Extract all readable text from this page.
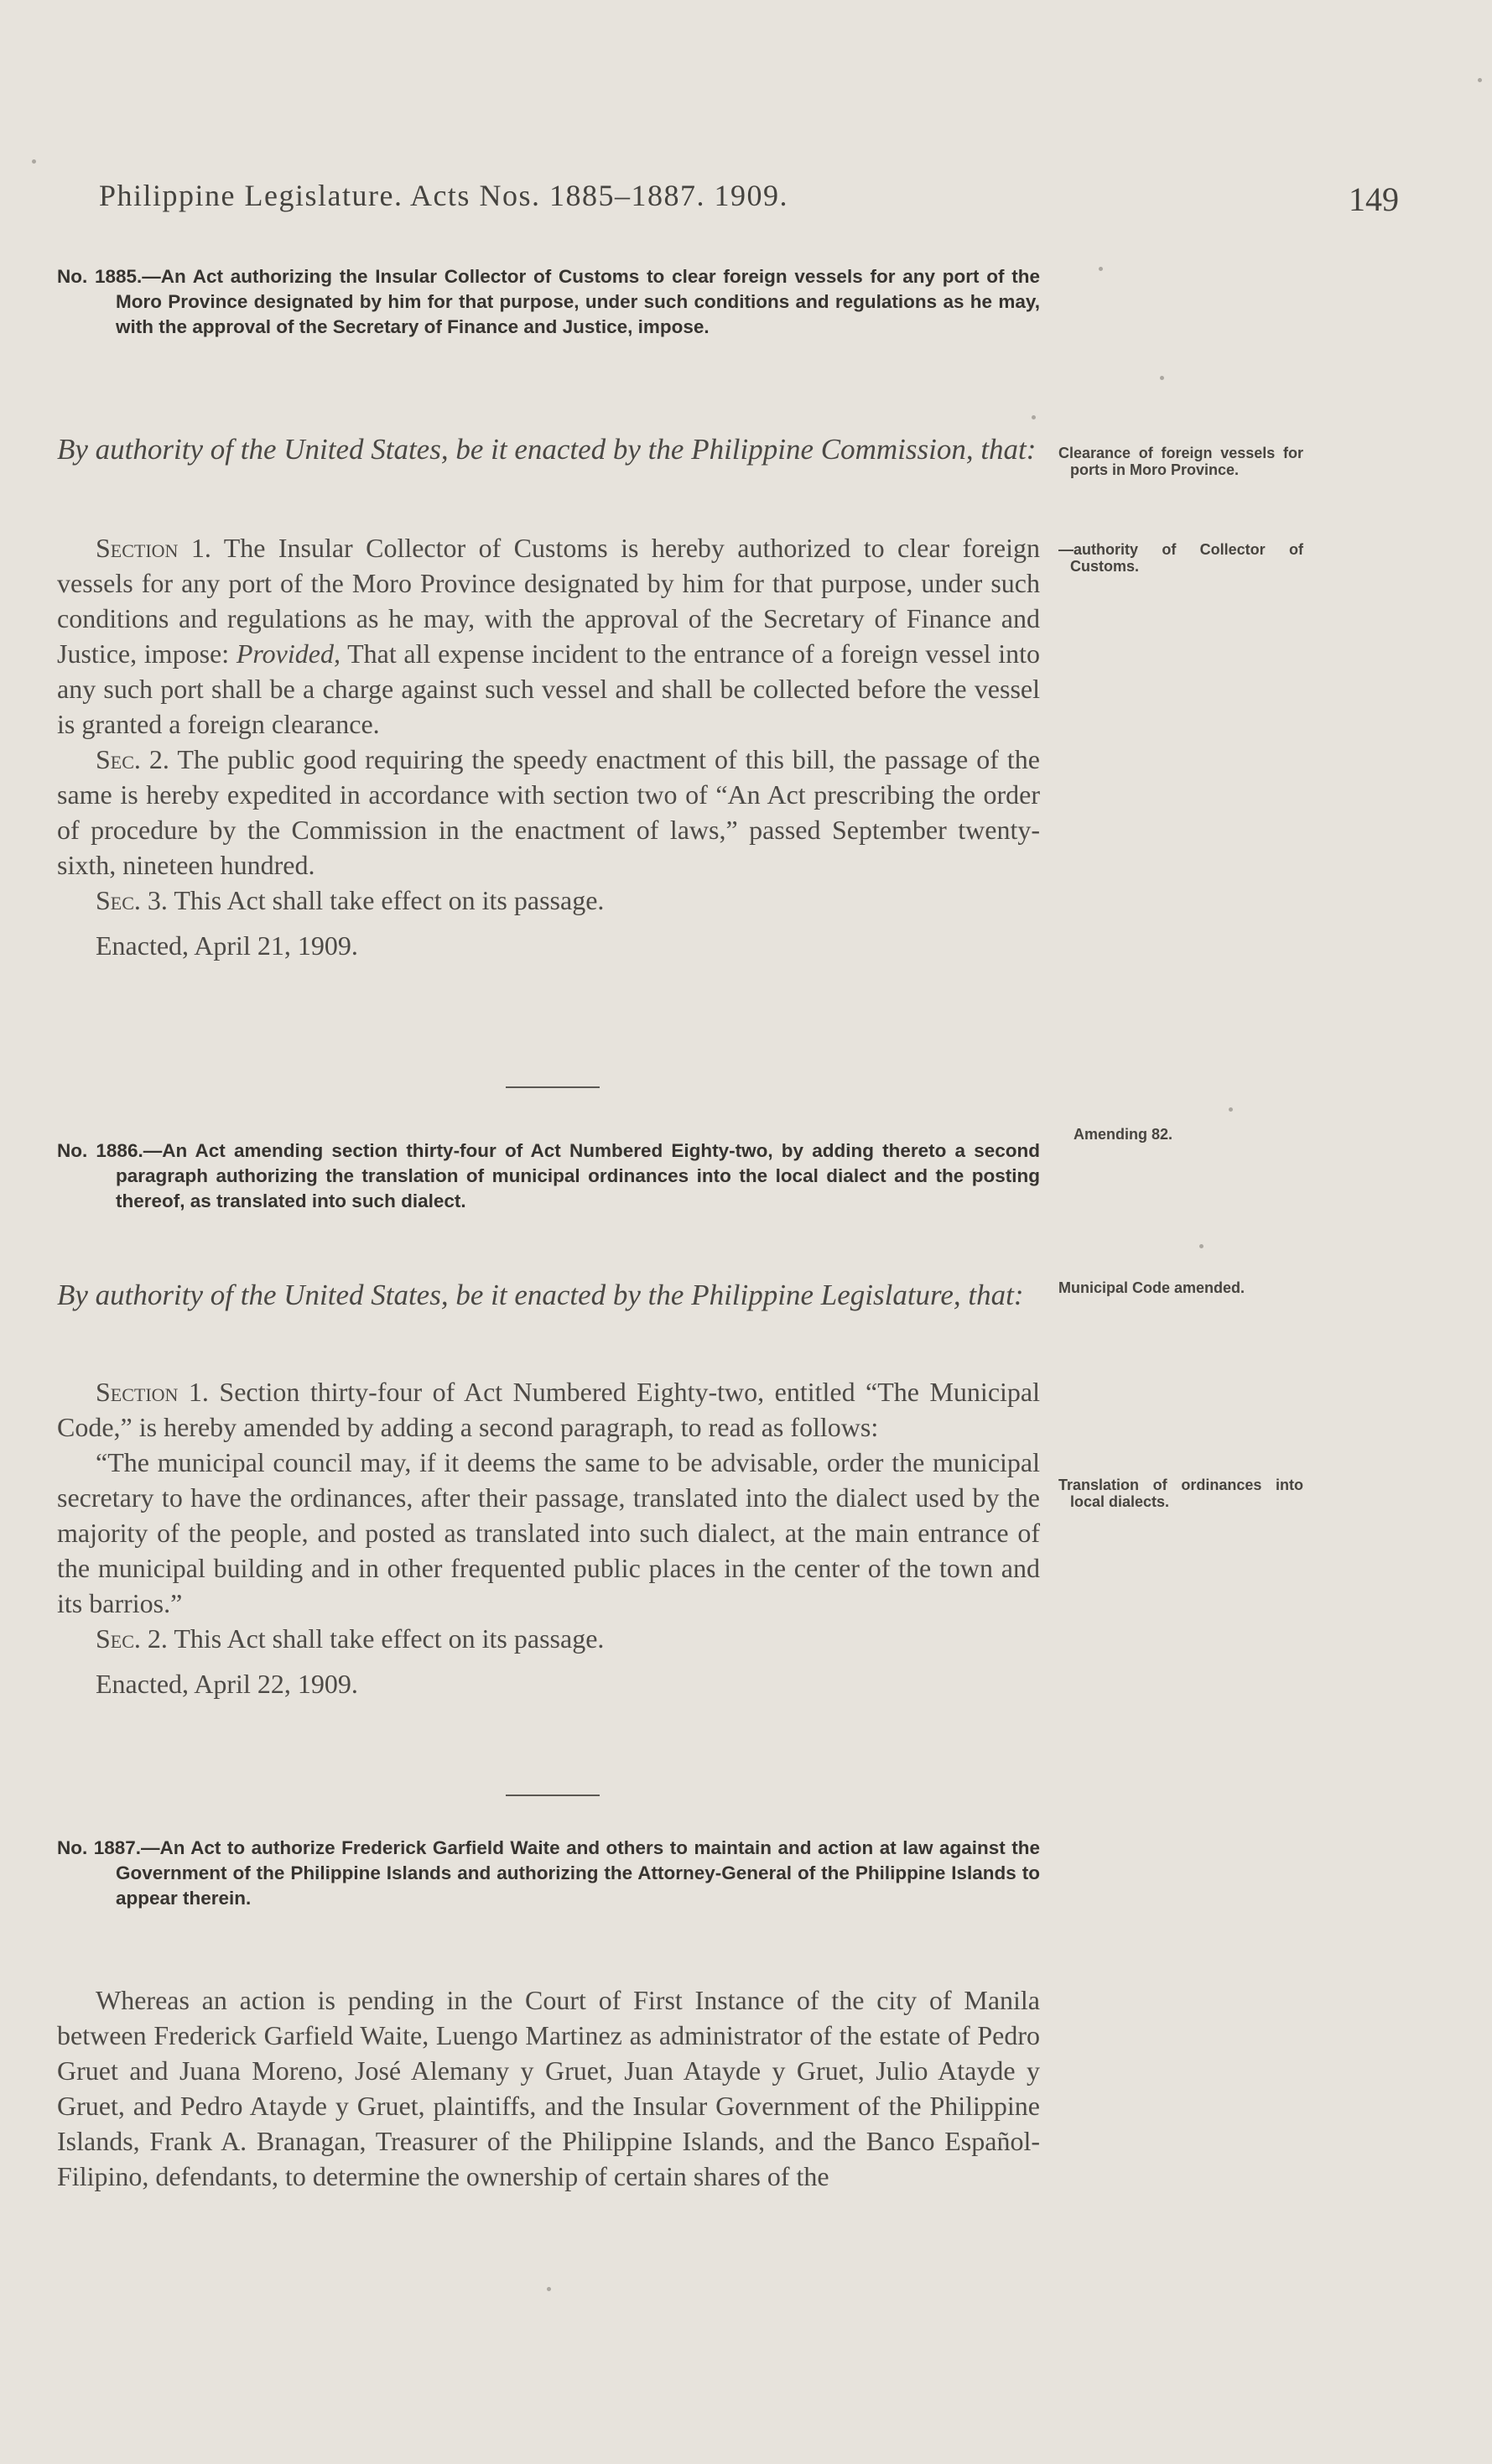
Philippine Legislature. Acts Nos. 1885–1887. 1909.	149
No. 1885.—An Act authorizing the Insular Collector of Customs to clear foreign vessels for any port of the Moro Province designated by him for that purpose, under such conditions and regulations as he may, with the approval of the Secretary of Finance and Justice, impose.
By authority of the United States, be it enacted by the Philippine Commission, that:

Section 1. The Insular Collector of Customs is hereby authorized to clear foreign vessels for any port of the Moro Province designated by him for that purpose, under such conditions and regulations as he may, with the approval of the Secretary of Finance and Justice, impose: Provided, That all expense incident to the entrance of a foreign vessel into any such port shall be a charge against such vessel and shall be collected before the vessel is granted a foreign clearance.

Sec. 2. The public good requiring the speedy enactment of this bill, the passage of the same is hereby expedited in accordance with section two of “An Act prescribing the order of procedure by the Commission in the enactment of laws,” passed September twenty-sixth, nineteen hundred.

Sec. 3. This Act shall take effect on its passage.

Enacted, April 21, 1909.

No. 1886.—An Act amending section thirty-four of Act Numbered Eighty-two, by adding thereto a second paragraph authorizing the translation of municipal ordinances into the local dialect and the posting thereof, as translated into such dialect.
By authority of the United States, be it enacted by the Philippine Legislature, that:

Section 1. Section thirty-four of Act Numbered Eighty-two, entitled “The Municipal Code,” is hereby amended by adding a second paragraph, to read as follows:

“The municipal council may, if it deems the same to be advisable, order the municipal secretary to have the ordinances, after their passage, translated into the dialect used by the majority of the people, and posted as translated into such dialect, at the main entrance of the municipal building and in other frequented public places in the center of the town and its barrios.”

Sec. 2. This Act shall take effect on its passage.

Enacted, April 22, 1909.

No. 1887.—An Act to authorize Frederick Garfield Waite and others to maintain and action at law against the Government of the Philippine Islands and authorizing the Attorney-General of the Philippine Islands to appear therein.

Whereas an action is pending in the Court of First Instance of the city of Manila between Frederick Garfield Waite, Luengo Martinez as administrator of the estate of Pedro Gruet and Juana Moreno, José Alemany y Gruet, Juan Atayde y Gruet, Julio Atayde y Gruet, and Pedro Atayde y Gruet, plaintiffs, and the Insular Government of the Philippine Islands, Frank A. Branagan, Treasurer of the Philippine Islands, and the Banco Español-Filipino, defendants, to determine the ownership of certain shares of the

Clearance of foreign vessels for ports in Moro Province.
—authority of Collector of Customs.
Amending 82.
Municipal Code amended.
Translation of ordinances into local dialects.
